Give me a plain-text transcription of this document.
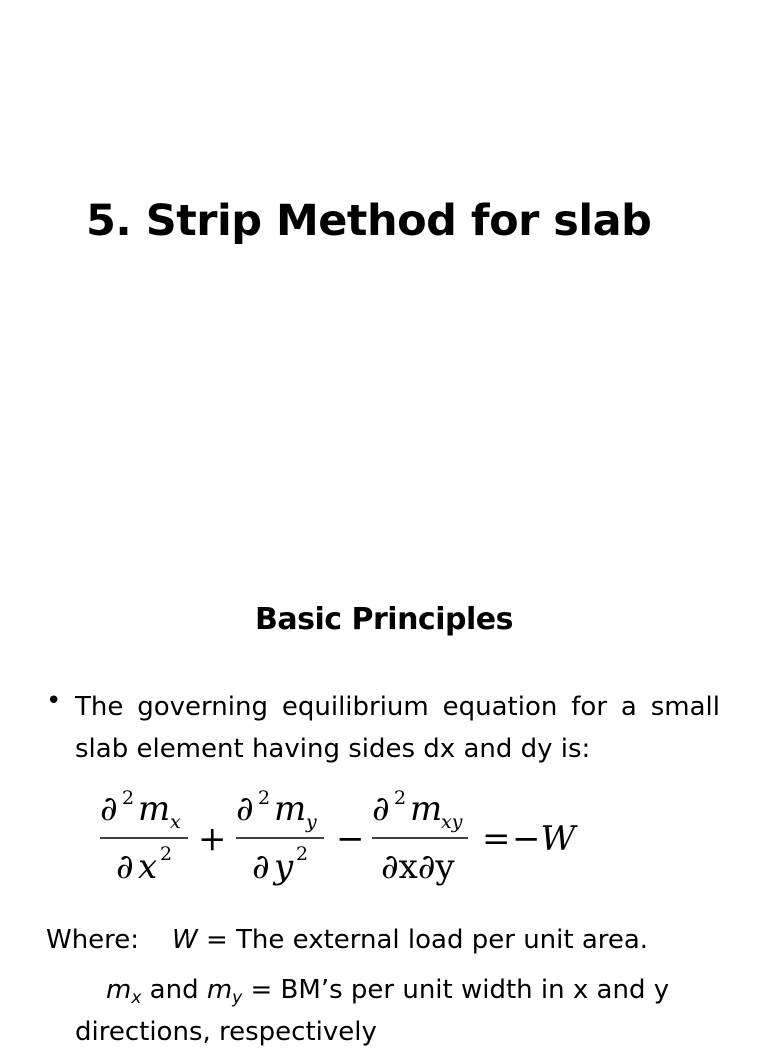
5. Strip Method for slab
Basic Principles
• The governing equilibrium equation for a small slab element having sides dx and dy is:

∂ 2 m x
∂ x 2 +
∂ 2 m y
∂ y 2 −
∂ 2 m
xy
∂x∂y
= −W

Where: W = The external load per unit area.

$m_x$ and $m_y$ = BM’s per unit width in x and y

directions, respectively
